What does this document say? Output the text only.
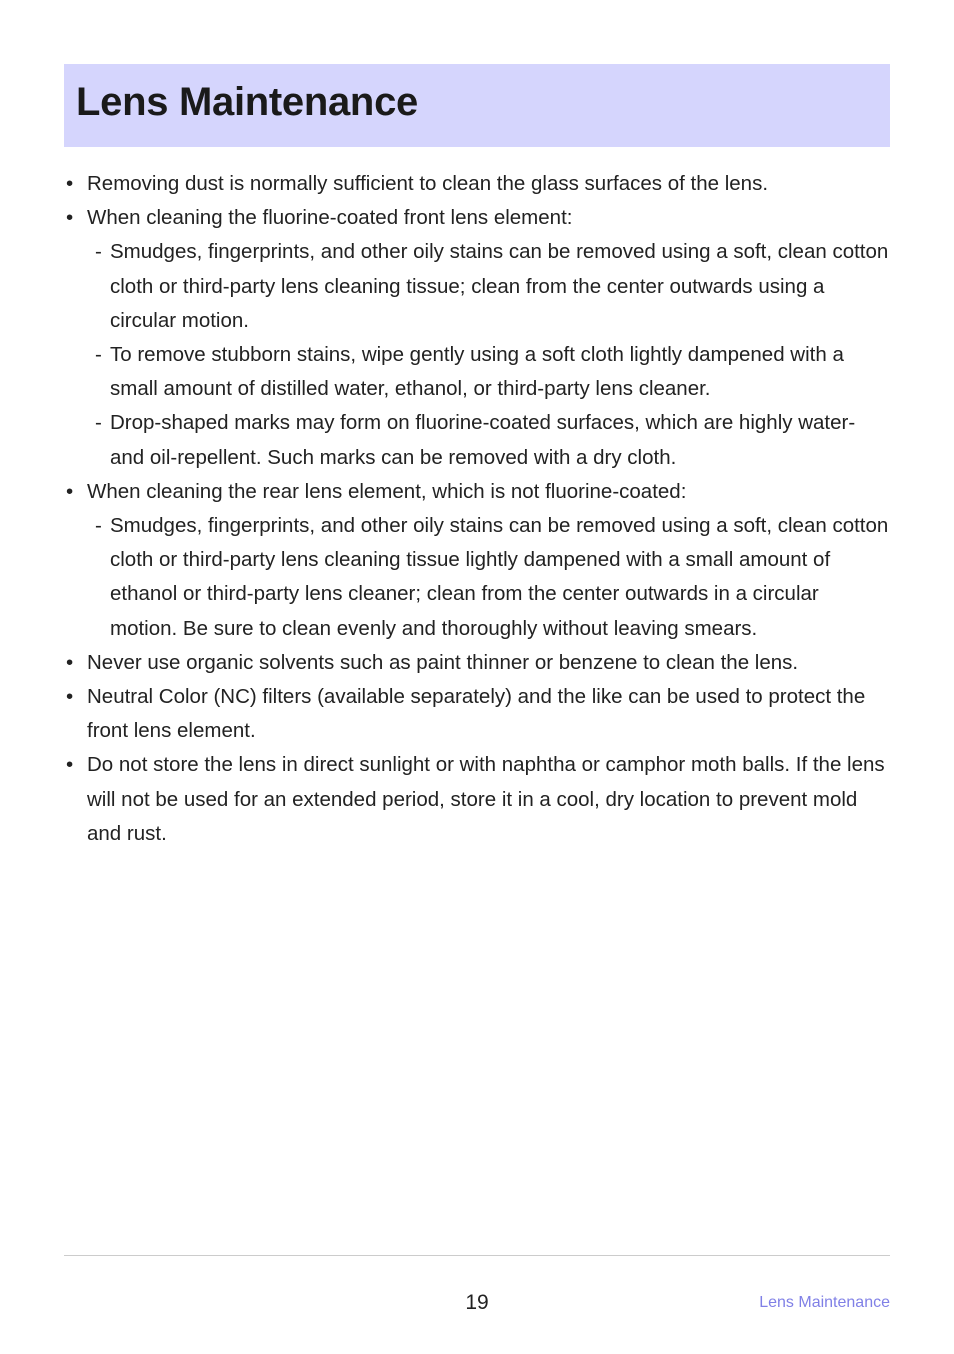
Lens Maintenance
• Removing dust is normally sufficient to clean the glass surfaces of the lens.
• When cleaning the fluorine-coated front lens element:
- Smudges, fingerprints, and other oily stains can be removed using a soft, clean cotton cloth or third-party lens cleaning tissue; clean from the center outwards using a circular motion.
- To remove stubborn stains, wipe gently using a soft cloth lightly dampened with a small amount of distilled water, ethanol, or third-party lens cleaner.
- Drop-shaped marks may form on fluorine-coated surfaces, which are highly water- and oil-repellent. Such marks can be removed with a dry cloth.
• When cleaning the rear lens element, which is not fluorine-coated:
- Smudges, fingerprints, and other oily stains can be removed using a soft, clean cotton cloth or third-party lens cleaning tissue lightly dampened with a small amount of ethanol or third-party lens cleaner; clean from the center outwards in a circular motion. Be sure to clean evenly and thoroughly without leaving smears.
• Never use organic solvents such as paint thinner or benzene to clean the lens.
• Neutral Color (NC) filters (available separately) and the like can be used to protect the front lens element.
• Do not store the lens in direct sunlight or with naphtha or camphor moth balls. If the lens will not be used for an extended period, store it in a cool, dry location to prevent mold and rust.
19	Lens Maintenance
